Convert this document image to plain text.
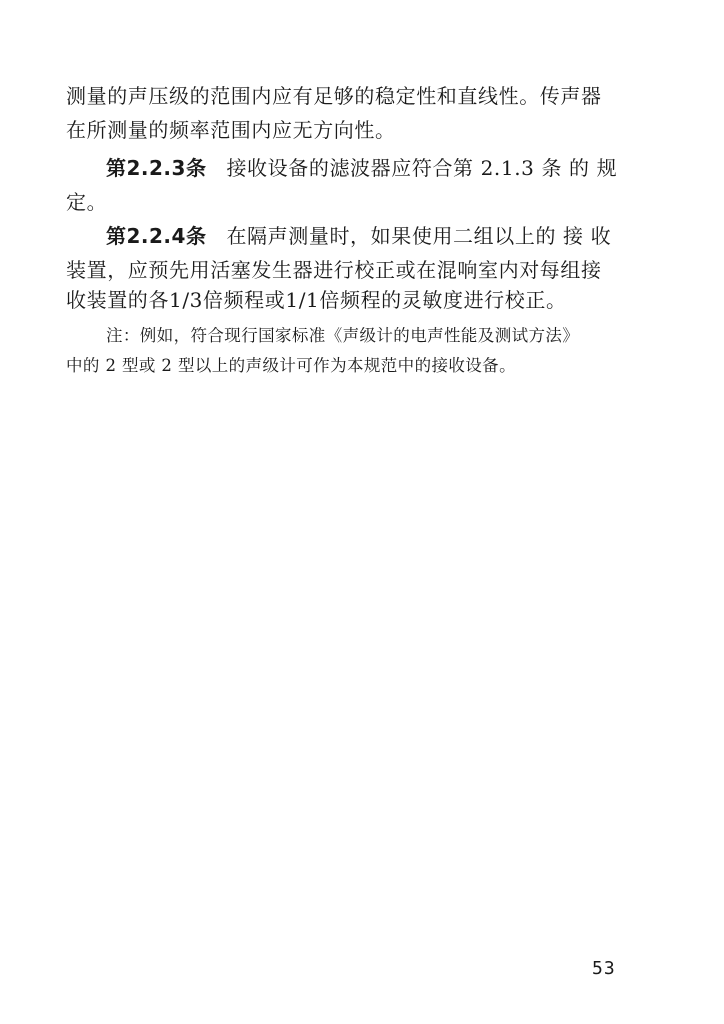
测量的声压级的范围内应有足够的稳定性和直线性。传声器
在所测量的频率范围内应无方向性。
第2.2.3条 接收设备的滤波器应符合第 2.1.3 条 的 规
定。
第2.2.4条 在隔声测量时，如果使用二组以上的 接 收
装置，应预先用活塞发生器进行校正或在混响室内对每组接
收装置的各1/3倍频程或1/1倍频程的灵敏度进行校正。
注：例如，符合现行国家标准《声级计的电声性能及测试方法》
中的 2 型或 2 型以上的声级计可作为本规范中的接收设备。
53
